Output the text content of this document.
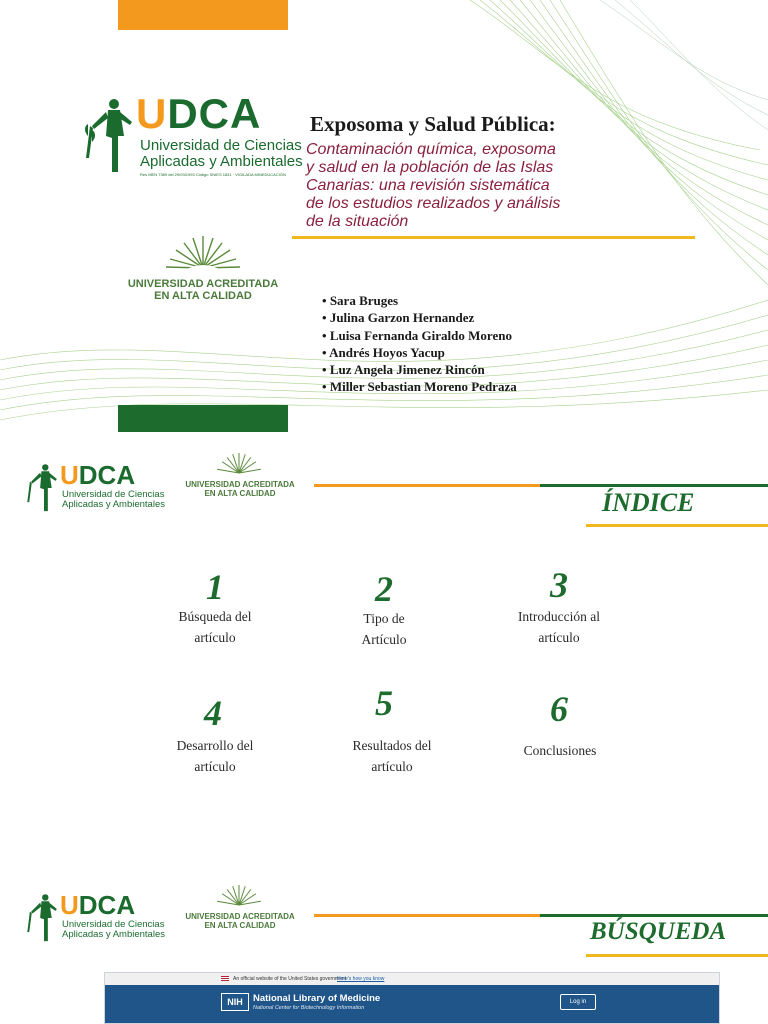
UDCA
Universidad de Ciencias
Aplicadas y Ambientales
Res MEN 7389 del 29/03/1993 Código SNIES 1831 · VIGILADA MINEDUCACIÓN
UNIVERSIDAD ACREDITADA
EN ALTA CALIDAD
Exposoma y Salud Pública:
Contaminación química, exposoma
y salud en la población de las Islas
Canarias: una revisión sistemática
de los estudios realizados y análisis
de la situación
• Sara Bruges
• Julina Garzon Hernandez
• Luisa Fernanda Giraldo Moreno
• Andrés Hoyos Yacup
• Luz Angela Jimenez Rincón
• Miller Sebastian Moreno Pedraza
UDCA
Universidad de Ciencias
Aplicadas y Ambientales
UNIVERSIDAD ACREDITADA
EN ALTA CALIDAD	ÍNDICE
1
Búsqueda del
artículo
2
Tipo de
Artículo
3
Introducción al
artículo
4
Desarrollo del
artículo
5
Resultados del
artículo
6
Conclusiones
UDCA
Universidad de Ciencias
Aplicadas y Ambientales
UNIVERSIDAD ACREDITADA
EN ALTA CALIDAD	BÚSQUEDA
An official website of the United States government
Here's how you know
NIH	National Library of Medicine
National Center for Biotechnology Information
Log in
